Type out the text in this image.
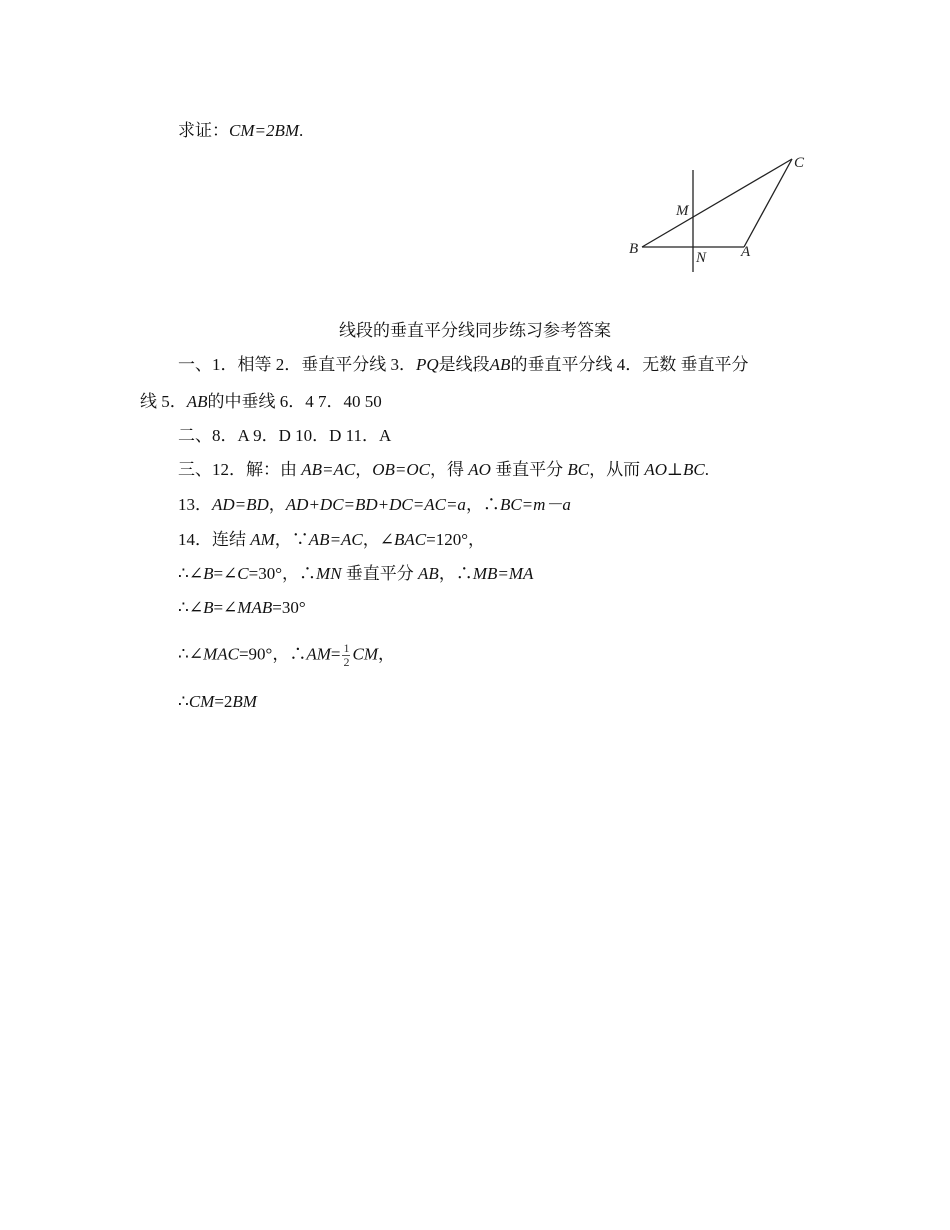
求证：CM=2BM.
C
M
B
N A
线段的垂直平分线同步练习参考答案
一、1．相等 2．垂直平分线 3．PQ是线段AB的垂直平分线 4．无数 垂直平分
线 5．AB的中垂线 6．4 7．40 50
二、8．A 9．D 10．D 11．A
三、12．解：由 AB=AC，OB=OC，得 AO 垂直平分 BC，从而 AO⊥BC.
13．AD=BD，AD+DC=BD+DC=AC=a，∴BC=m－a
14．连结 AM，∵AB=AC，∠BAC=120°，
∴∠B=∠C=30°，∴MN 垂直平分 AB，∴MB=MA
∴∠B=∠MAB=30°
∴∠MAC=90°，∴AM= $\frac{1}{2}$ CM，
∴CM=2BM
